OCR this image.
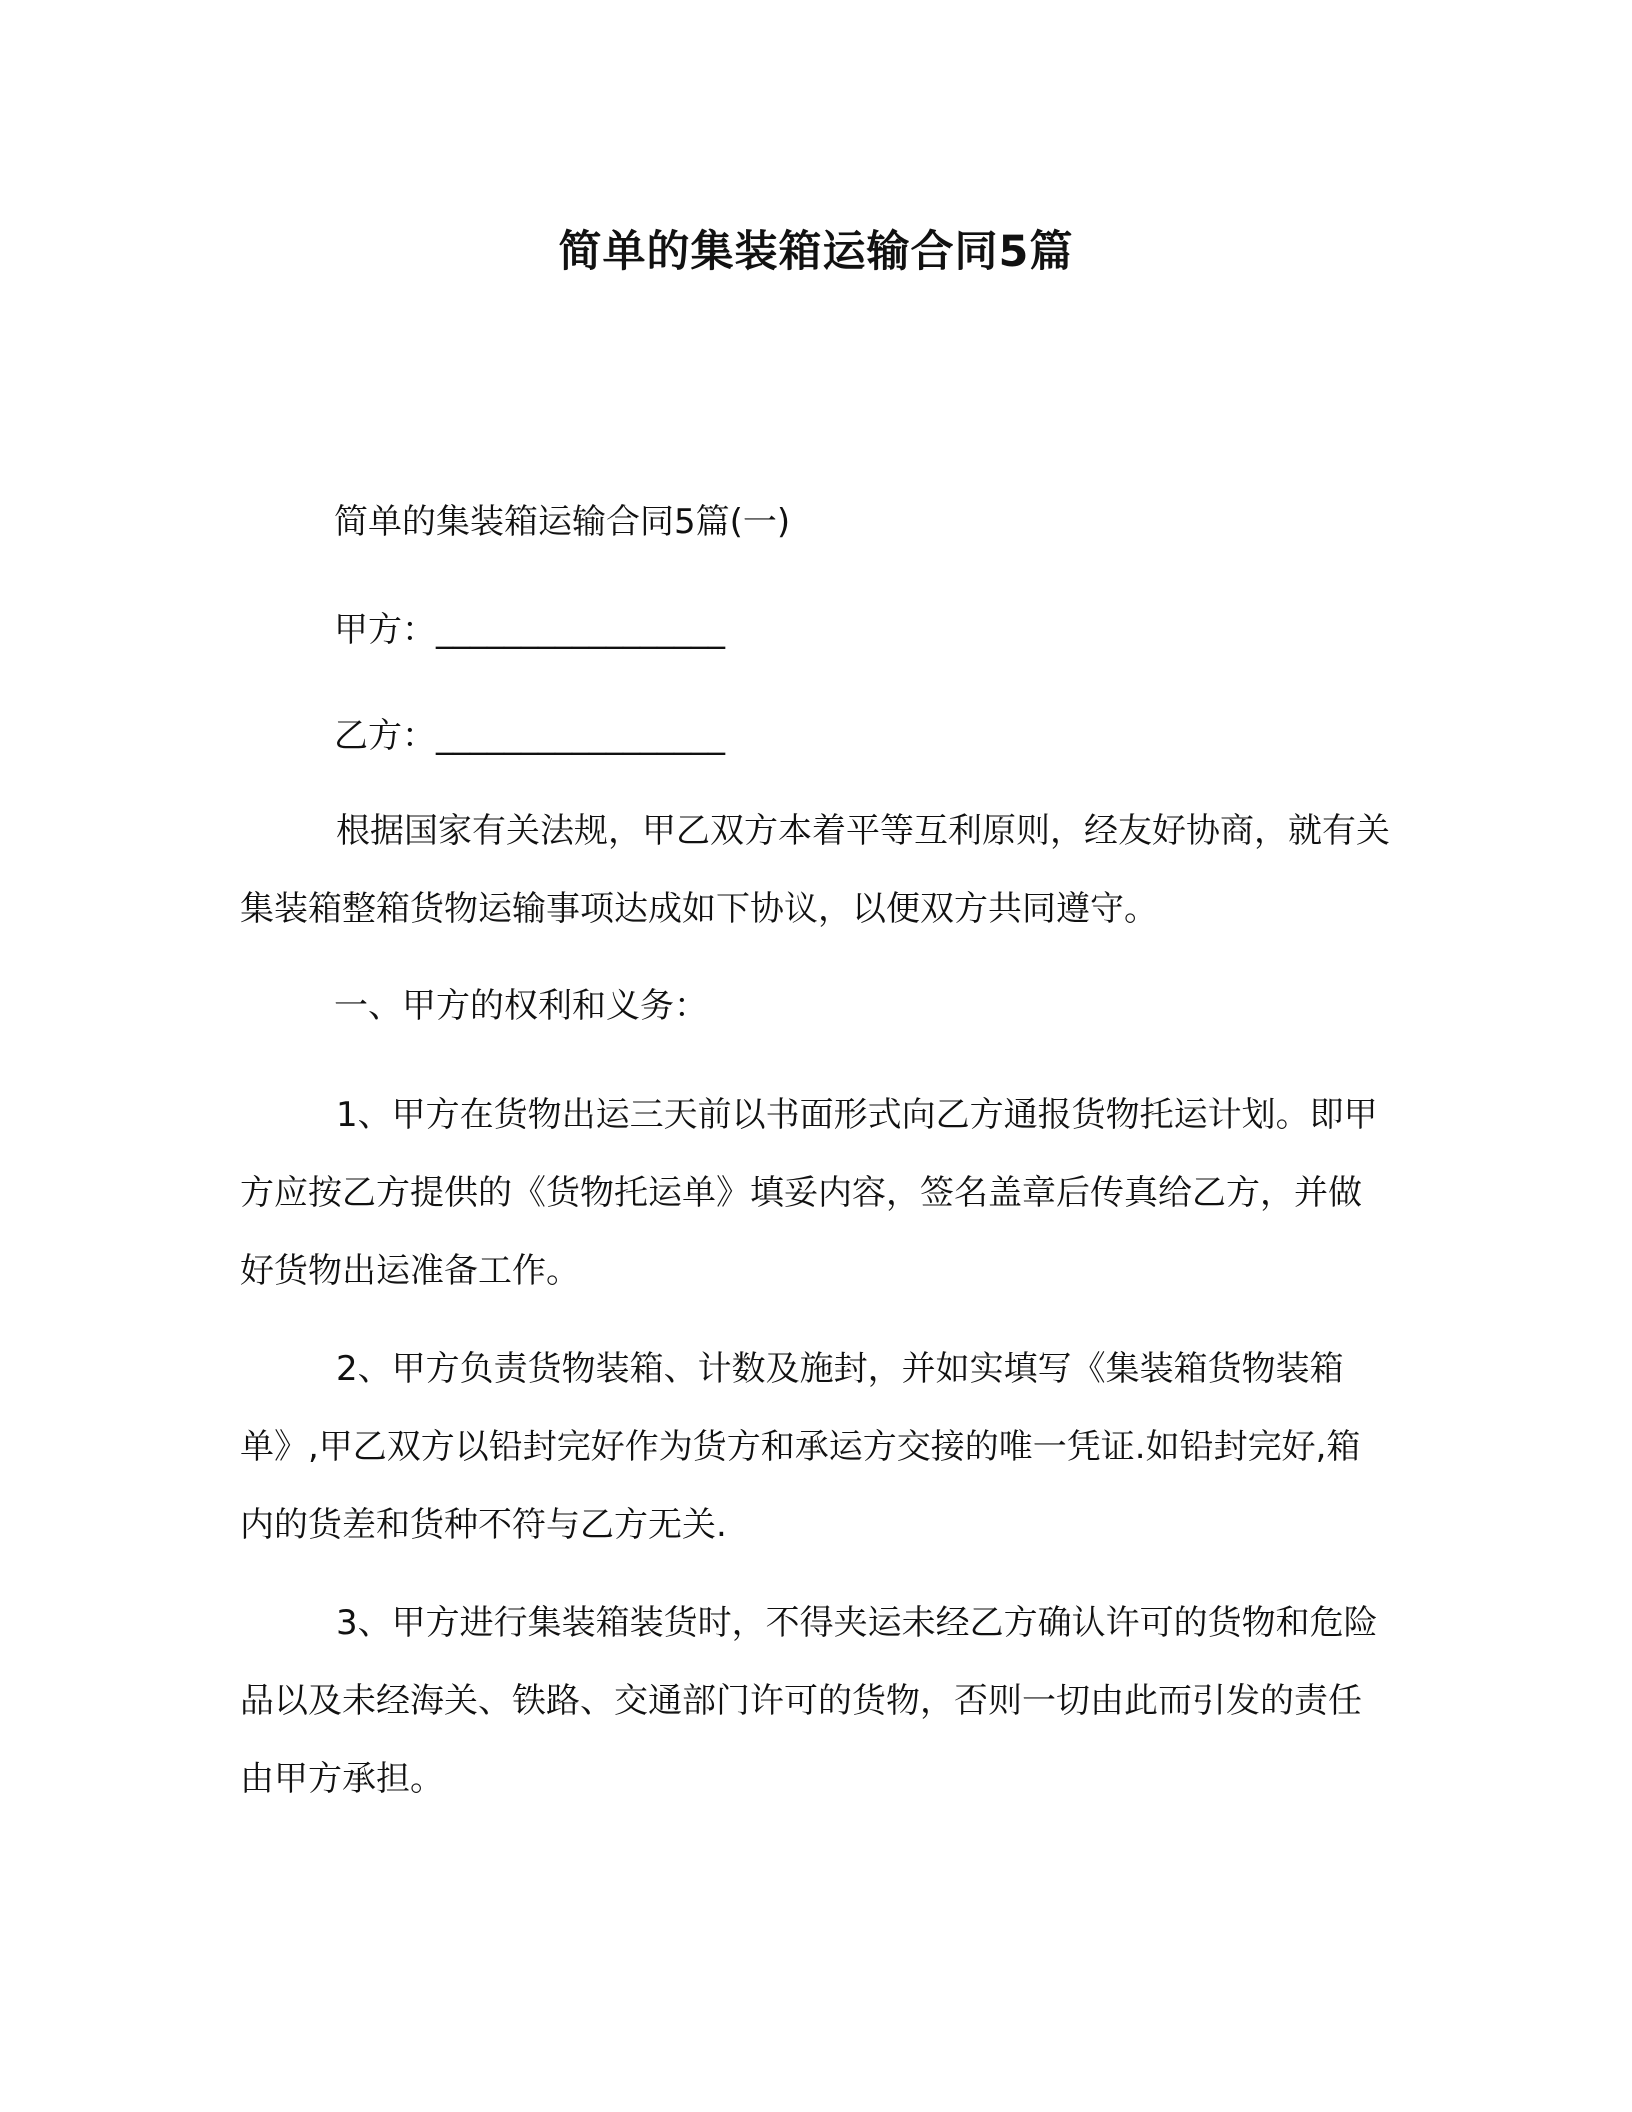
简单的集装箱运输合同5篇
简单的集装箱运输合同5篇(一)
甲方：_________________
乙方：_________________
根据国家有关法规，甲乙双方本着平等互利原则，经友好协商，就有关集装箱整箱货物运输事项达成如下协议，以便双方共同遵守。
一、甲方的权利和义务：
1、甲方在货物出运三天前以书面形式向乙方通报货物托运计划。即甲方应按乙方提供的《货物托运单》填妥内容，签名盖章后传真给乙方，并做好货物出运准备工作。
2、甲方负责货物装箱、计数及施封，并如实填写《集装箱货物装箱单》,甲乙双方以铅封完好作为货方和承运方交接的唯一凭证.如铅封完好,箱内的货差和货种不符与乙方无关.
3、甲方进行集装箱装货时，不得夹运未经乙方确认许可的货物和危险品以及未经海关、铁路、交通部门许可的货物，否则一切由此而引发的责任由甲方承担。
